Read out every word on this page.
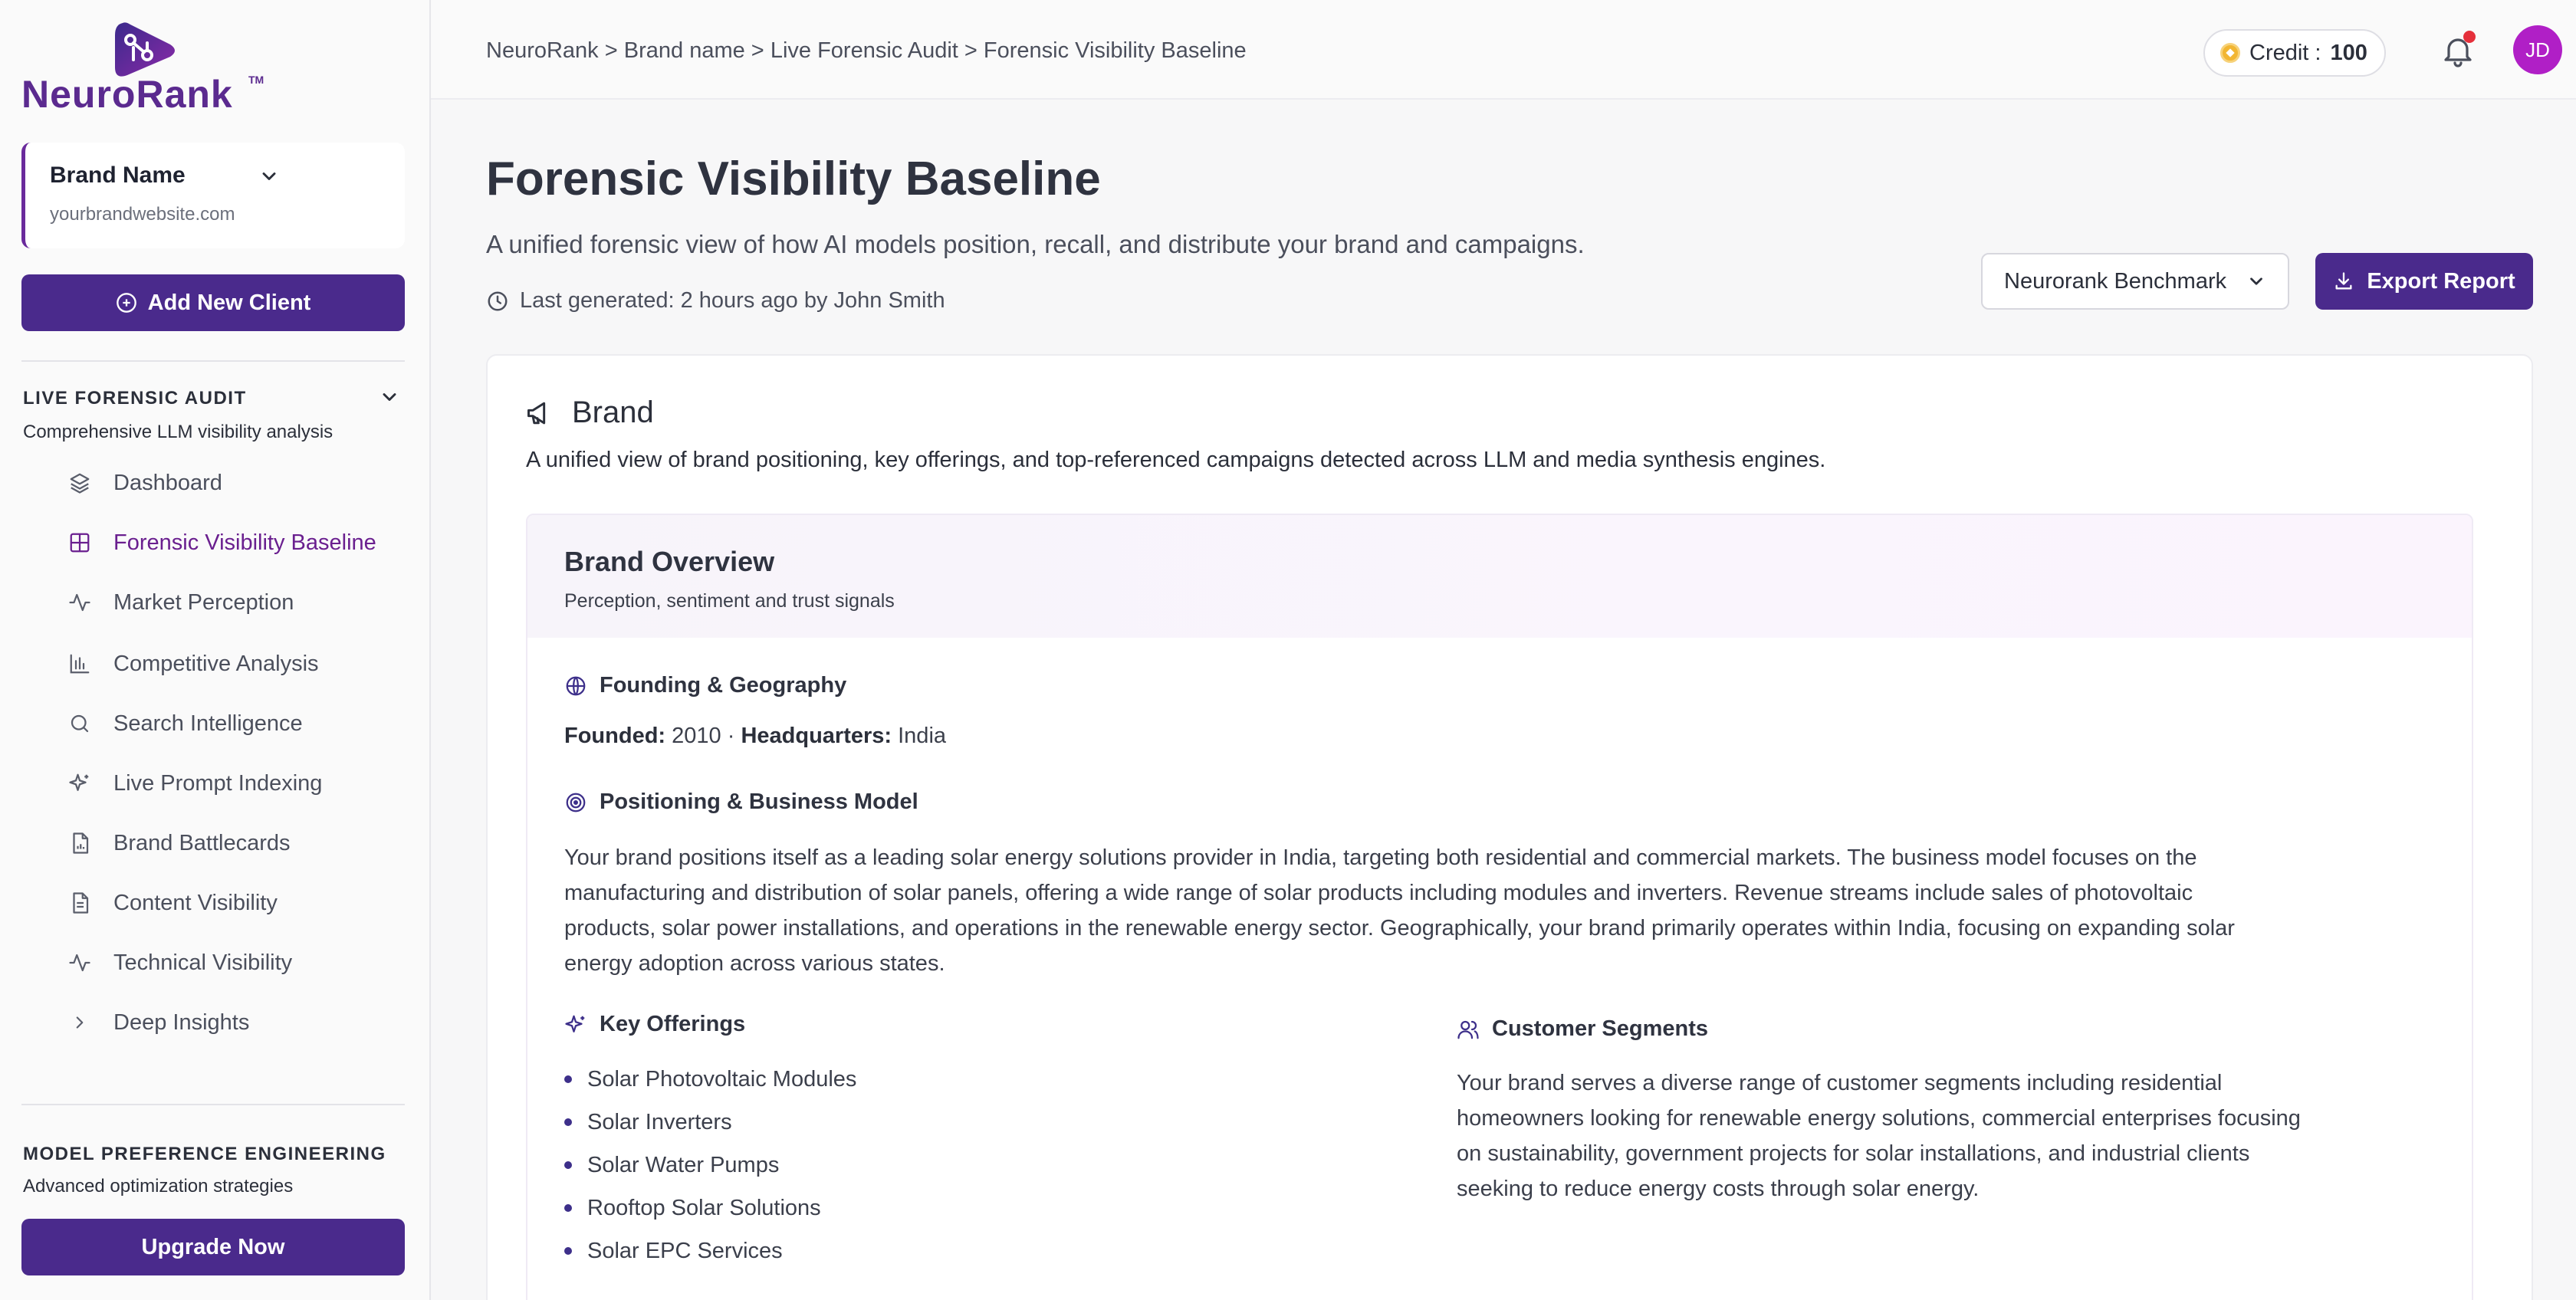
NeuroRank TM
Brand Name
yourbrandwebsite.com
Add New Client
LIVE FORENSIC AUDIT
Comprehensive LLM visibility analysis
Dashboard
Forensic Visibility Baseline
Market Perception
Competitive Analysis
Search Intelligence
Live Prompt Indexing
Brand Battlecards
Content Visibility
Technical Visibility
Deep Insights
MODEL PREFERENCE ENGINEERING
Advanced optimization strategies
Upgrade Now
NeuroRank > Brand name > Live Forensic Audit > Forensic Visibility Baseline	Credit : 100	JD
Forensic Visibility Baseline

A unified forensic view of how AI models position, recall, and distribute your brand and campaigns.

Last generated: 2 hours ago by John Smith
Neurorank Benchmark	Export Report
Brand
A unified view of brand positioning, key offerings, and top-referenced campaigns detected across LLM and media synthesis engines.
Brand Overview
Perception, sentiment and trust signals
Founding & Geography
Founded: 2010 · Headquarters: India
Positioning & Business Model

Your brand positions itself as a leading solar energy solutions provider in India, targeting both residential and commercial markets. The business model focuses on the manufacturing and distribution of solar panels, offering a wide range of solar products including modules and inverters. Revenue streams include sales of photovoltaic products, solar power installations, and operations in the renewable energy sector. Geographically, your brand primarily operates within India, focusing on expanding solar energy adoption across various states.

Key Offerings
Solar Photovoltaic Modules
Solar Inverters
Solar Water Pumps
Rooftop Solar Solutions
Solar EPC Services
Customer Segments

Your brand serves a diverse range of customer segments including residential homeowners looking for renewable energy solutions, commercial enterprises focusing on sustainability, government projects for solar installations, and industrial clients seeking to reduce energy costs through solar energy.
